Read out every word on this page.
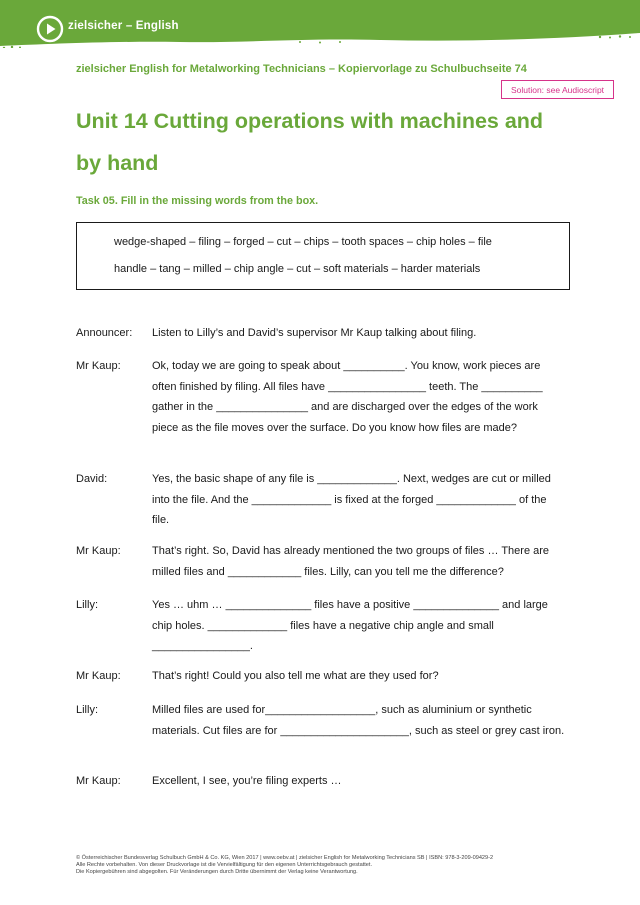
zielsicher – English
zielsicher English for Metalworking Technicians – Kopiervorlage zu Schulbuchseite 74
Solution: see Audioscript
Unit 14 Cutting operations with machines and by hand
Task 05. Fill in the missing words from the box.
wedge-shaped – filing – forged – cut – chips – tooth spaces – chip holes – file
handle – tang – milled – chip angle – cut – soft materials – harder materials
Announcer:	Listen to Lilly’s and David’s supervisor Mr Kaup talking about filing.
Mr Kaup:	Ok, today we are going to speak about __________. You know, work pieces are often finished by filing. All files have ________________ teeth. The __________ gather in the _______________ and are discharged over the edges of the work piece as the file moves over the surface. Do you know how files are made?
David:	Yes, the basic shape of any file is _____________. Next, wedges are cut or milled into the file. And the _____________ is fixed at the forged _____________ of the file.
Mr Kaup:	That’s right. So, David has already mentioned the two groups of files … There are milled files and ____________ files. Lilly, can you tell me the difference?
Lilly:	Yes … uhm … ______________ files have a positive ______________ and large chip holes. _____________ files have a negative chip angle and small ________________.
Mr Kaup:	That’s right! Could you also tell me what are they used for?
Lilly:	Milled files are used for__________________, such as aluminium or synthetic materials. Cut files are for _____________________, such as steel or grey cast iron.
Mr Kaup:	Excellent, I see, you’re filing experts …
© Österreichischer Bundesverlag Schulbuch GmbH & Co. KG, Wien 2017 | www.oebv.at | zielsicher English for Metalworking Technicians SB | ISBN: 978-3-209-09429-2
Alle Rechte vorbehalten. Von dieser Druckvorlage ist die Vervielfältigung für den eigenen Unterrichtsgebrauch gestattet.
Die Kopiergebühren sind abgegolten. Für Veränderungen durch Dritte übernimmt der Verlag keine Verantwortung.
